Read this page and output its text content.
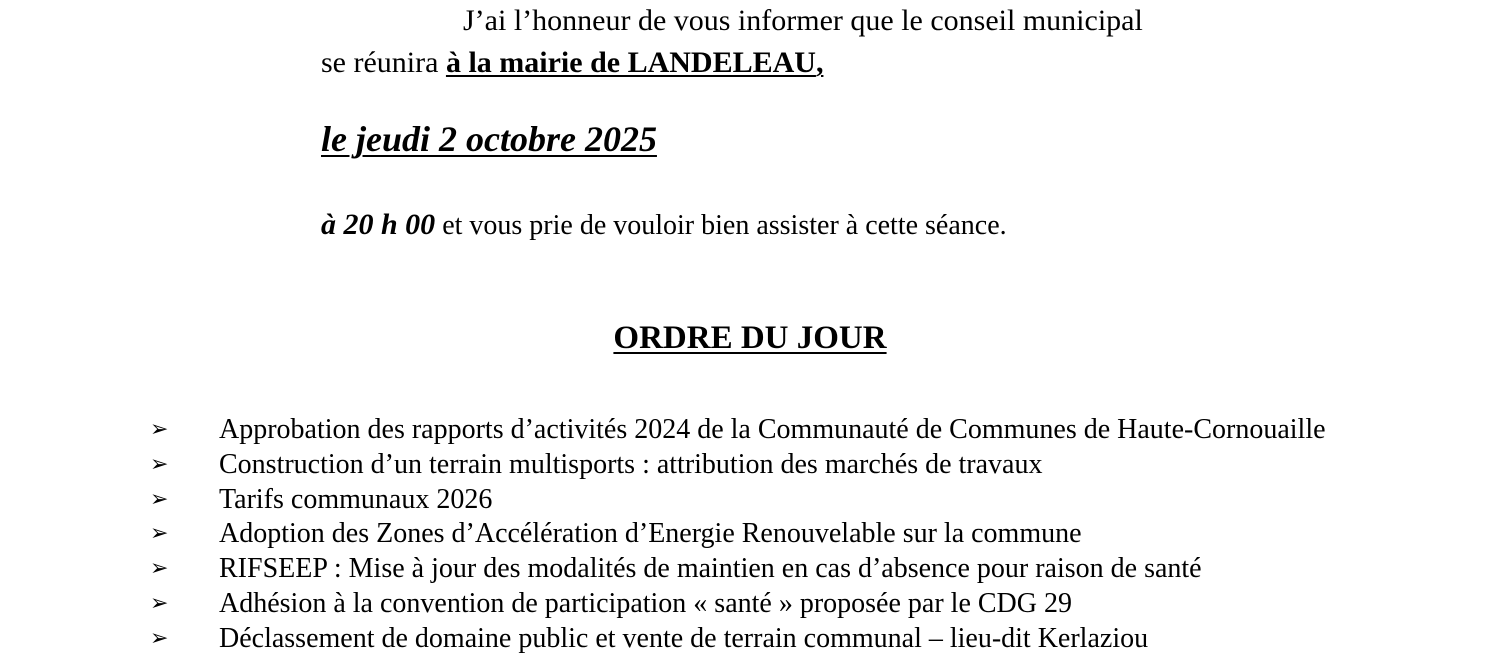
J’ai l’honneur de vous informer que le conseil municipal
se réunira à la mairie de LANDELEAU,
le jeudi 2 octobre 2025
à 20 h 00 et vous prie de vouloir bien assister à cette séance.
ORDRE DU JOUR
➢ Approbation des rapports d’activités 2024 de la Communauté de Communes de Haute-Cornouaille
➢ Construction d’un terrain multisports : attribution des marchés de travaux
➢ Tarifs communaux 2026
➢ Adoption des Zones d’Accélération d’Energie Renouvelable sur la commune
➢ RIFSEEP : Mise à jour des modalités de maintien en cas d’absence pour raison de santé
➢ Adhésion à la convention de participation « santé » proposée par le CDG 29
➢ Déclassement de domaine public et vente de terrain communal – lieu-dit Kerlaziou
